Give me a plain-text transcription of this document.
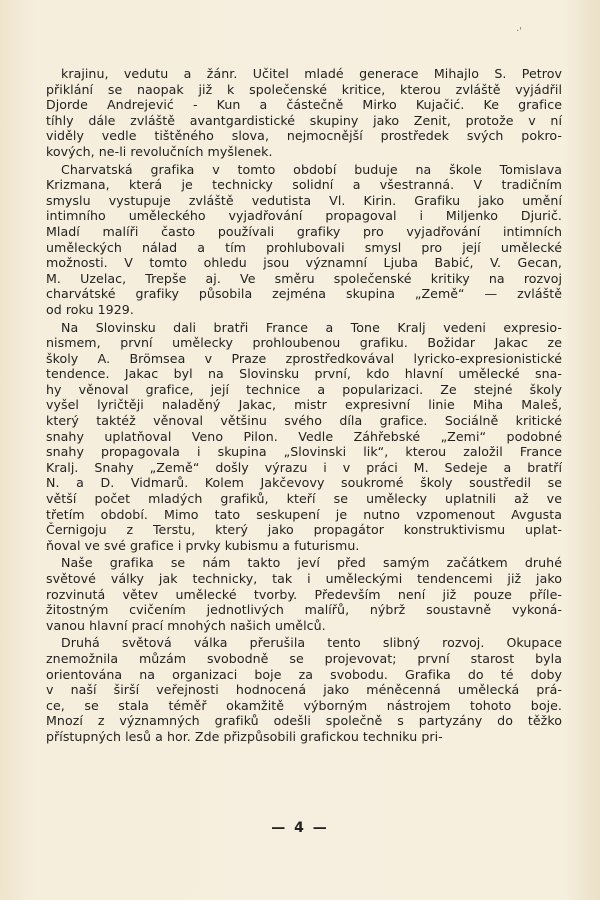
·'

krajinu, vedutu a žánr. Učitel mladé generace Mihajlo S. Petrov
přiklání se naopak již k společenské kritice, kterou zvláště vyjádřil
Djorde Andrejević - Kun a částečně Mirko Kujačić. Ke grafice
tíhly dále zvláště avantgardistické skupiny jako Zenit, protože v ní
viděly vedle tištěného slova, nejmocnější prostředek svých pokro-
kových, ne-li revolučních myšlenek.

Charvatská grafika v tomto období buduje na škole Tomislava
Krizmana, která je technicky solidní a všestranná. V tradičním
smyslu vystupuje zvláště vedutista Vl. Kirin. Grafiku jako umění
intimního uměleckého vyjadřování propagoval i Miljenko Djurič.
Mladí malíři často používali grafiky pro vyjadřování intimních
uměleckých nálad a tím prohlubovali smysl pro její umělecké
možnosti. V tomto ohledu jsou významní Ljuba Babić, V. Gecan,
M. Uzelac, Trepše aj. Ve směru společenské kritiky na rozvoj
charvátské grafiky působila zejména skupina „Země“ — zvláště
od roku 1929.

Na Slovinsku dali bratři France a Tone Kralj vedeni expresio-
nismem, první umělecky prohloubenou grafiku. Božidar Jakac ze
školy A. Brömsea v Praze zprostředkovával lyricko-expresionistické
tendence. Jakac byl na Slovinsku první, kdo hlavní umělecké sna-
hy věnoval grafice, její technice a popularizaci. Ze stejné školy
vyšel lyričtěji naladěný Jakac, mistr expresivní linie Miha Maleš,
který taktéž věnoval většinu svého díla grafice. Sociálně kritické
snahy uplatňoval Veno Pilon. Vedle Záhřebské „Zemi“ podobné
snahy propagovala i skupina „Slovinski lik“, kterou založil France
Kralj. Snahy „Země“ došly výrazu i v práci M. Sedeje a bratří
N. a D. Vidmarů. Kolem Jakčevovy soukromé školy soustředil se
větší počet mladých grafiků, kteří se umělecky uplatnili až ve
třetím období. Mimo tato seskupení je nutno vzpomenout Avgusta
Černigoju z Terstu, který jako propagátor konstruktivismu uplat-
ňoval ve své grafice i prvky kubismu a futurismu.

Naše grafika se nám takto jeví před samým začátkem druhé
světové války jak technicky, tak i uměleckými tendencemi již jako
rozvinutá větev umělecké tvorby. Především není již pouze příle-
žitostným cvičením jednotlivých malířů, nýbrž soustavně vykoná-
vanou hlavní prací mnohých našich umělců.

Druhá světová válka přerušila tento slibný rozvoj. Okupace
znemožnila můzám svobodně se projevovat; první starost byla
orientována na organizaci boje za svobodu. Grafika do té doby
v naší širší veřejnosti hodnocená jako méněcenná umělecká prá-
ce, se stala téměř okamžitě výborným nástrojem tohoto boje.
Mnozí z významných grafiků odešli společně s partyzány do těžko
přístupných lesů a hor. Zde přizpůsobili grafickou techniku pri-

— 4 —
